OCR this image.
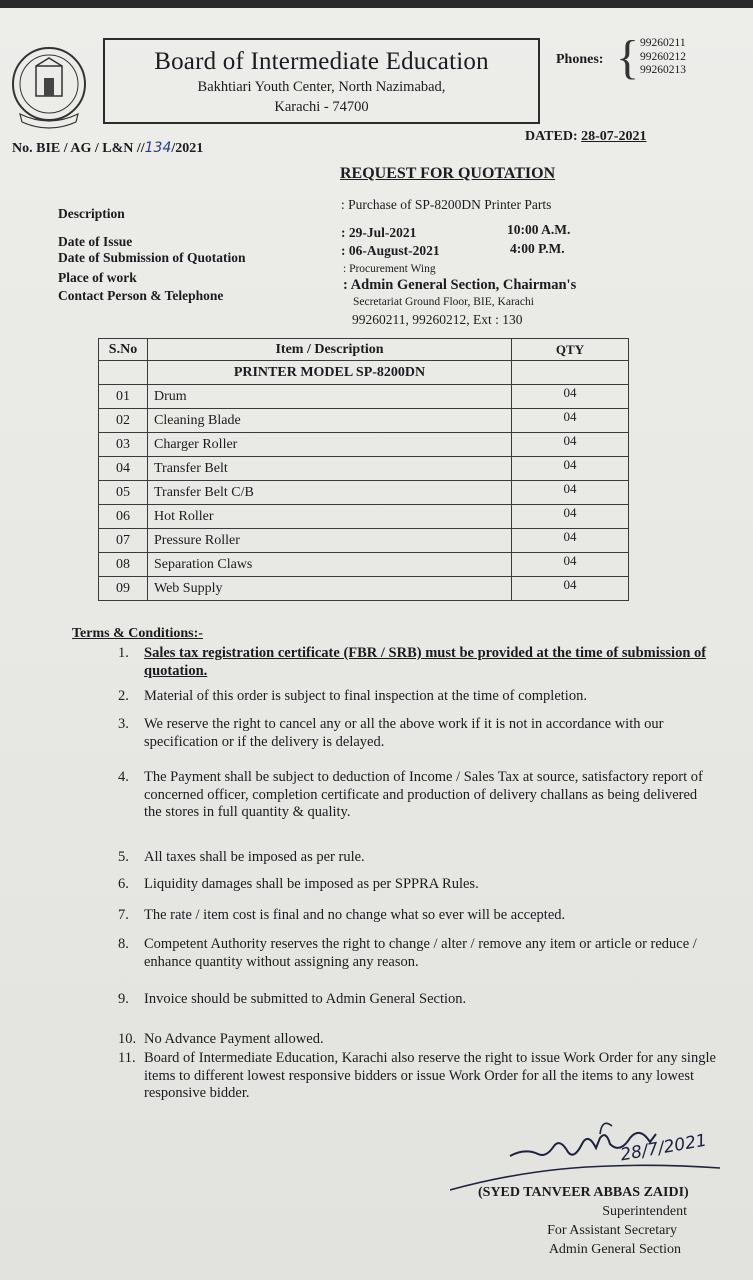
Board of Intermediate Education
Bakhtiari Youth Center, North Nazimabad,
Karachi - 74700
Phones: { 99260211
99260212
99260213
No. BIE / AG / L&N //134/2021
DATED: 28-07-2021
REQUEST FOR QUOTATION
Description
: Purchase of SP-8200DN Printer Parts
Date of Issue
: 29-Jul-2021	10:00 A.M.
Date of Submission of Quotation	: 06-August-2021	4:00 P.M.
Place of work
: Procurement Wing
Contact Person & Telephone
: Admin General Section, Chairman's
Secretariat Ground Floor, BIE, Karachi
99260211, 99260212, Ext : 130
S.No	Item / Description	QTY
	PRINTER MODEL SP-8200DN	
01	Drum	04
02	Cleaning Blade	04
03	Charger Roller	04
04	Transfer Belt	04
05	Transfer Belt C/B	04
06	Hot Roller	04
07	Pressure Roller	04
08	Separation Claws	04
09	Web Supply	04
Terms & Conditions:-
1.	Sales tax registration certificate (FBR / SRB) must be provided at the time of submission of quotation.
2.	Material of this order is subject to final inspection at the time of completion.
3.	We reserve the right to cancel any or all the above work if it is not in accordance with our specification or if the delivery is delayed.
4.	The Payment shall be subject to deduction of Income / Sales Tax at source, satisfactory report of concerned officer, completion certificate and production of delivery challans as being delivered the stores in full quantity & quality.
5.	All taxes shall be imposed as per rule.
6.	Liquidity damages shall be imposed as per SPPRA Rules.
7.	The rate / item cost is final and no change what so ever will be accepted.
8.	Competent Authority reserves the right to change / alter / remove any item or article or reduce / enhance quantity without assigning any reason.
9.	Invoice should be submitted to Admin General Section.
10. No Advance Payment allowed.
11. Board of Intermediate Education, Karachi also reserve the right to issue Work Order for any single items to different lowest responsive bidders or issue Work Order for all the items to any lowest responsive bidder.
28/7/2021
(SYED TANVEER ABBAS ZAIDI)
Superintendent
For Assistant Secretary
Admin General Section
